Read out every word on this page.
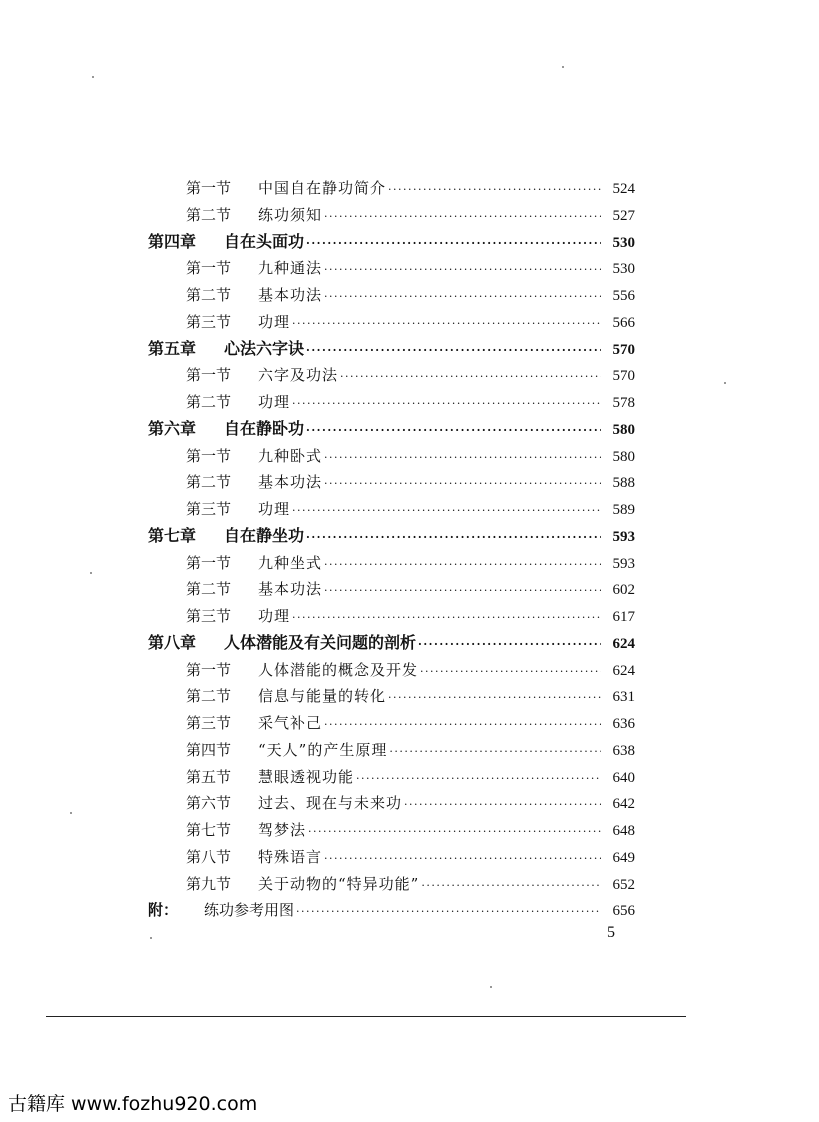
第一节	中国自在静功简介 ·····	524
第二节	练功须知 ·····	527
第四章	自在头面功 ·····	530
第一节	九种通法 ·····	530
第二节	基本功法 ·····	556
第三节	功理 ·····	566
第五章	心法六字诀 ·····	570
第一节	六字及功法 ·····	570
第二节	功理 ·····	578
第六章	自在静卧功 ·····	580
第一节	九种卧式 ·····	580
第二节	基本功法 ·····	588
第三节	功理 ·····	589
第七章	自在静坐功 ·····	593
第一节	九种坐式 ·····	593
第二节	基本功法 ·····	602
第三节	功理 ·····	617
第八章	人体潜能及有关问题的剖析 ·····	624
第一节	人体潜能的概念及开发 ·····	624
第二节	信息与能量的转化 ·····	631
第三节	采气补己 ·····	636
第四节	“天人”的产生原理 ·····	638
第五节	慧眼透视功能 ·····	640
第六节	过去、现在与未来功 ·····	642
第七节	驾梦法 ·····	648
第八节	特殊语言 ·····	649
第九节	关于动物的“特异功能” ·····	652
附：	练功参考用图 ·····	656
5
古籍库 www.fozhu920.com
